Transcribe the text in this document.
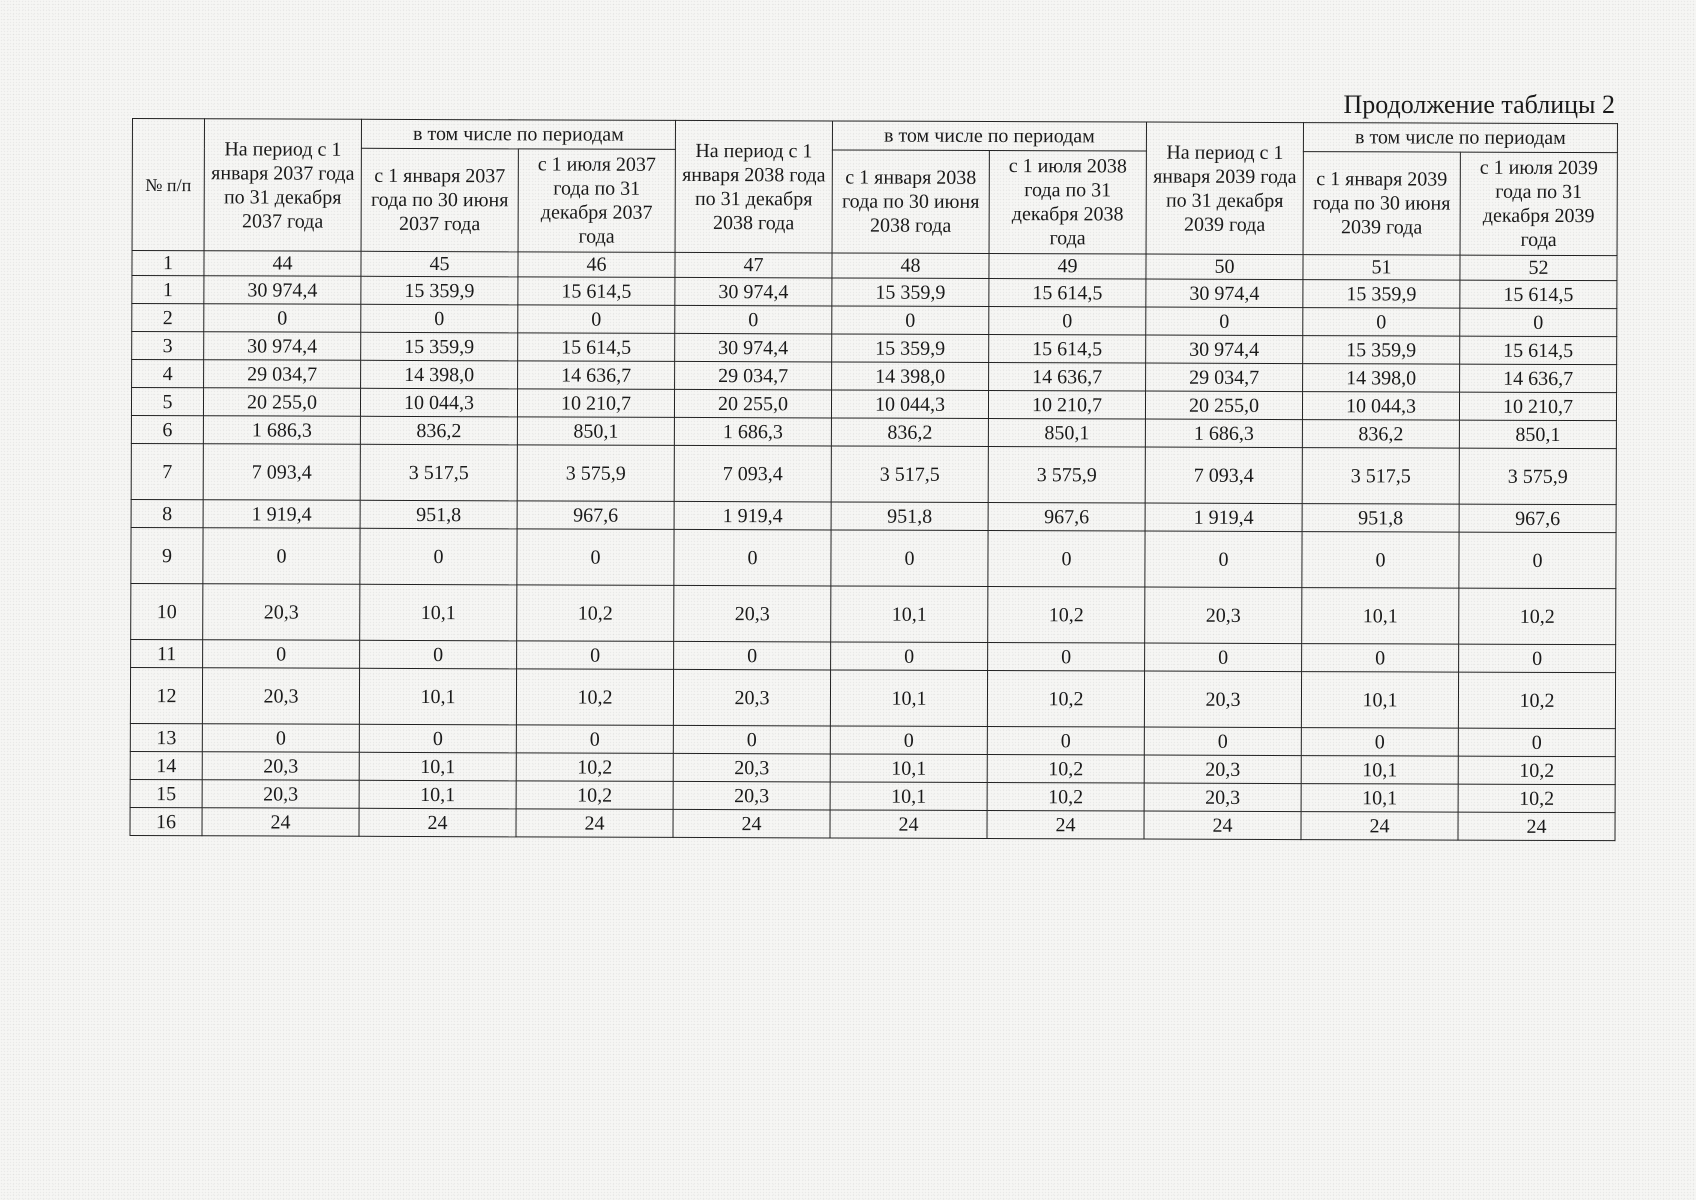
Продолжение таблицы 2
№ п/п	На период с 1 января 2037 года по 31 декабря 2037 года	в том числе по периодам		На период с 1 января 2038 года по 31 декабря 2038 года	в том числе по периодам		На период с 1 января 2039 года по 31 декабря 2039 года	в том числе по периодам	
		с 1 января 2037 года по 30 июня 2037 года	с 1 июля 2037 года по 31 декабря 2037 года		с 1 января 2038 года по 30 июня 2038 года	с 1 июля 2038 года по 31 декабря 2038 года		с 1 января 2039 года по 30 июня 2039 года	с 1 июля 2039 года по 31 декабря 2039 года
1	44	45	46	47	48	49	50	51	52
1	30 974,4	15 359,9	15 614,5	30 974,4	15 359,9	15 614,5	30 974,4	15 359,9	15 614,5
2	0	0	0	0	0	0	0	0	0
3	30 974,4	15 359,9	15 614,5	30 974,4	15 359,9	15 614,5	30 974,4	15 359,9	15 614,5
4	29 034,7	14 398,0	14 636,7	29 034,7	14 398,0	14 636,7	29 034,7	14 398,0	14 636,7
5	20 255,0	10 044,3	10 210,7	20 255,0	10 044,3	10 210,7	20 255,0	10 044,3	10 210,7
6	1 686,3	836,2	850,1	1 686,3	836,2	850,1	1 686,3	836,2	850,1
7	7 093,4	3 517,5	3 575,9	7 093,4	3 517,5	3 575,9	7 093,4	3 517,5	3 575,9
8	1 919,4	951,8	967,6	1 919,4	951,8	967,6	1 919,4	951,8	967,6
9	0	0	0	0	0	0	0	0	0
10	20,3	10,1	10,2	20,3	10,1	10,2	20,3	10,1	10,2
11	0	0	0	0	0	0	0	0	0
12	20,3	10,1	10,2	20,3	10,1	10,2	20,3	10,1	10,2
13	0	0	0	0	0	0	0	0	0
14	20,3	10,1	10,2	20,3	10,1	10,2	20,3	10,1	10,2
15	20,3	10,1	10,2	20,3	10,1	10,2	20,3	10,1	10,2
16	24	24	24	24	24	24	24	24	24
